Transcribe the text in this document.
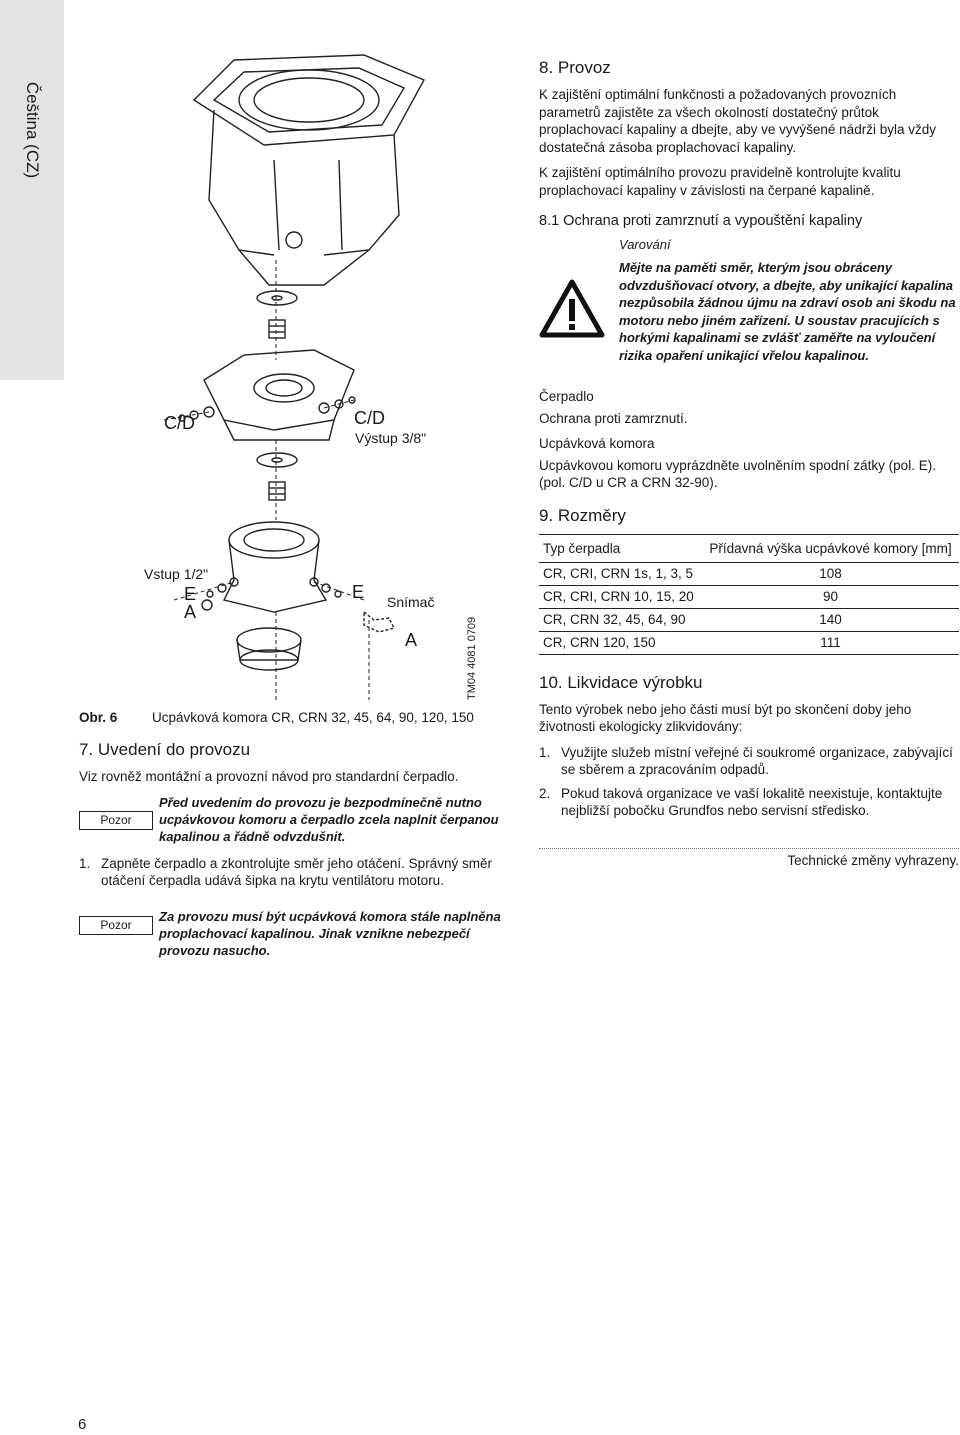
Čeština (CZ)
C/D	C/D
Výstup 3/8"
Vstup 1/2"
E
A
E Snímač
A	TM04 4081 0709
Obr. 6	Ucpávková komora CR, CRN 32, 45, 64, 90, 120, 150
7. Uvedení do provozu

Viz rovněž montážní a provozní návod pro standardní čerpadlo.

Pozor
Před uvedením do provozu je bezpodmínečně nutno ucpávkovou komoru a čerpadlo zcela naplnit čerpanou kapalinou a řádně odvzdušnit.
1. Zapněte čerpadlo a zkontrolujte směr jeho otáčení. Správný směr otáčení čerpadla udává šipka na krytu ventilátoru motoru.
Pozor
Za provozu musí být ucpávková komora stále naplněna proplachovací kapalinou. Jinak vznikne nebezpečí provozu nasucho.
8. Provoz

K zajištění optimální funkčnosti a požadovaných provozních parametrů zajistěte za všech okolností dostatečný průtok proplachovací kapaliny a dbejte, aby ve vyvýšené nádrži byla vždy dostatečná zásoba proplachovací kapaliny.

K zajištění optimálního provozu pravidelně kontrolujte kvalitu proplachovací kapaliny v závislosti na čerpané kapalině.

8.1 Ochrana proti zamrznutí a vypouštění kapaliny
Varování
Mějte na paměti směr, kterým jsou obráceny odvzdušňovací otvory, a dbejte, aby unikající kapalina nezpůsobila žádnou újmu na zdraví osob ani škodu na motoru nebo jiném zařízení. U soustav pracujících s horkými kapalinami se zvlášť zaměřte na vyloučení rizika opaření unikající vřelou kapalinou.
Čerpadlo

Ochrana proti zamrznutí.

Ucpávková komora

Ucpávkovou komoru vyprázdněte uvolněním spodní zátky (pol. E). (pol. C/D u CR a CRN 32-90).

9. Rozměry
Typ čerpadla	Přídavná výška ucpávkové komory [mm]
CR, CRI, CRN 1s, 1, 3, 5	108
CR, CRI, CRN 10, 15, 20	90
CR, CRN 32, 45, 64, 90	140
CR, CRN 120, 150	111
10. Likvidace výrobku

Tento výrobek nebo jeho části musí být po skončení doby jeho životnosti ekologicky zlikvidovány:

1. Využijte služeb místní veřejné či soukromé organizace, zabývající se sběrem a zpracováním odpadů.
2. Pokud taková organizace ve vaší lokalitě neexistuje, kontaktujte nejbližší pobočku Grundfos nebo servisní středisko.
Technické změny vyhrazeny.
6
